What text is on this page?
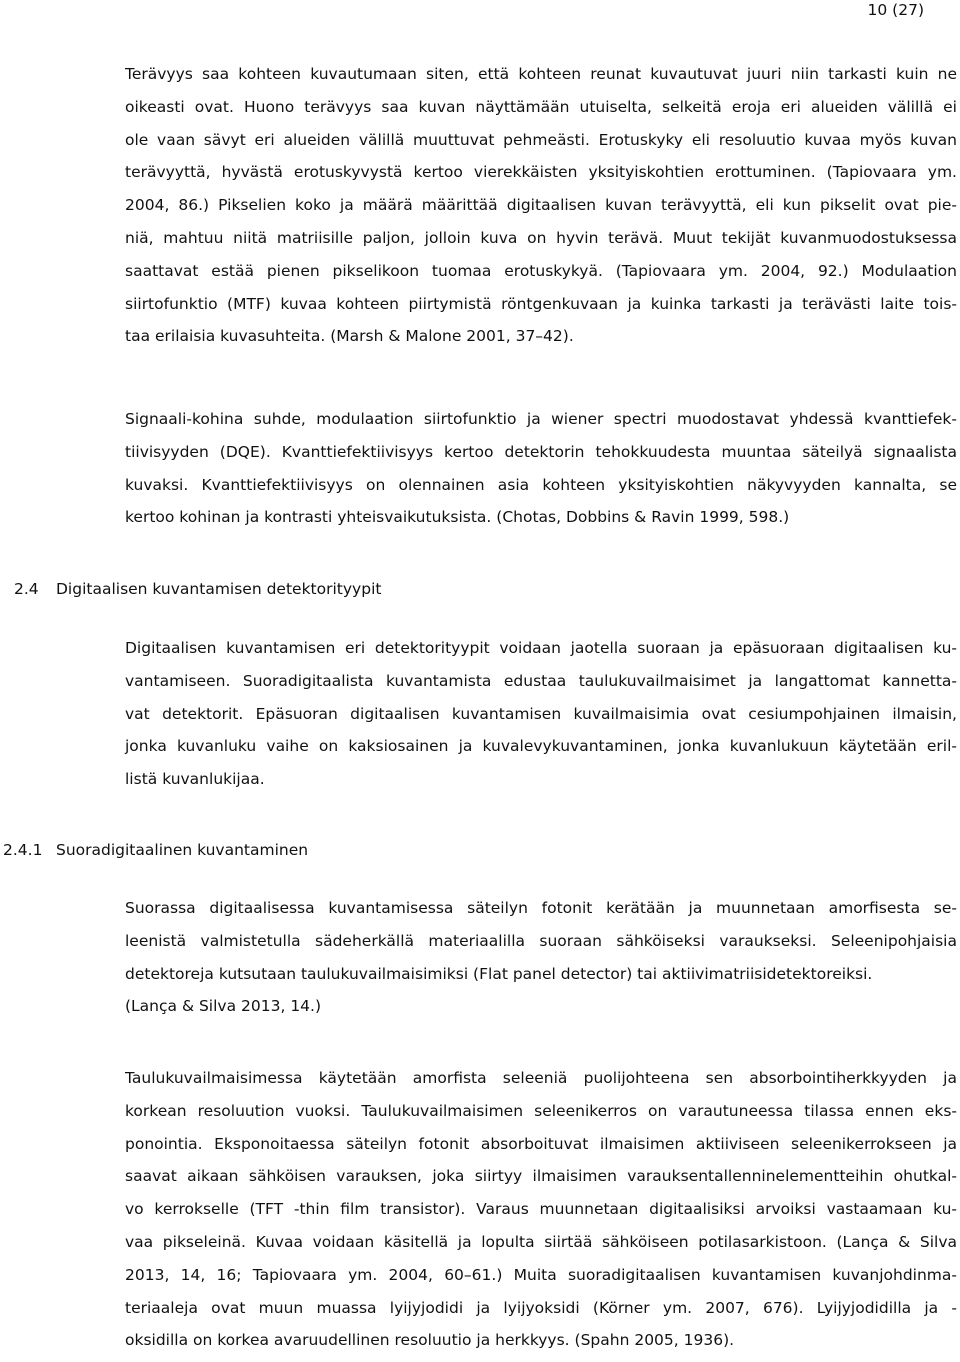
10 (27)
Terävyys saa kohteen kuvautumaan siten, että kohteen reunat kuvautuvat juuri niin tarkasti kuin ne
oikeasti ovat. Huono terävyys saa kuvan näyttämään utuiselta, selkeitä eroja eri alueiden välillä ei
ole vaan sävyt eri alueiden välillä muuttuvat pehmeästi. Erotuskyky eli resoluutio kuvaa myös kuvan
terävyyttä, hyvästä erotuskyvystä kertoo vierekkäisten yksityiskohtien erottuminen. (Tapiovaara ym.
2004, 86.) Pikselien koko ja määrä määrittää digitaalisen kuvan terävyyttä, eli kun pikselit ovat pie-
niä, mahtuu niitä matriisille paljon, jolloin kuva on hyvin terävä. Muut tekijät kuvanmuodostuksessa
saattavat estää pienen pikselikoon tuomaa erotuskykyä. (Tapiovaara ym. 2004, 92.) Modulaation
siirtofunktio (MTF) kuvaa kohteen piirtymistä röntgenkuvaan ja kuinka tarkasti ja terävästi laite tois-
taa erilaisia kuvasuhteita. (Marsh & Malone 2001, 37–42).
Signaali-kohina suhde, modulaation siirtofunktio ja wiener spectri muodostavat yhdessä kvanttiefek-
tiivisyyden (DQE). Kvanttiefektiivisyys kertoo detektorin tehokkuudesta muuntaa säteilyä signaalista
kuvaksi. Kvanttiefektiivisyys on olennainen asia kohteen yksityiskohtien näkyvyyden kannalta, se
kertoo kohinan ja kontrasti yhteisvaikutuksista. (Chotas, Dobbins & Ravin 1999, 598.)
2.4 Digitaalisen kuvantamisen detektorityypit
Digitaalisen kuvantamisen eri detektorityypit voidaan jaotella suoraan ja epäsuoraan digitaalisen ku-
vantamiseen. Suoradigitaalista kuvantamista edustaa taulukuvailmaisimet ja langattomat kannetta-
vat detektorit. Epäsuoran digitaalisen kuvantamisen kuvailmaisimia ovat cesiumpohjainen ilmaisin,
jonka kuvanluku vaihe on kaksiosainen ja kuvalevykuvantaminen, jonka kuvanlukuun käytetään eril-
listä kuvanlukijaa.
2.4.1 Suoradigitaalinen kuvantaminen
Suorassa digitaalisessa kuvantamisessa säteilyn fotonit kerätään ja muunnetaan amorfisesta se-
leenistä valmistetulla sädeherkällä materiaalilla suoraan sähköiseksi varaukseksi. Seleenipohjaisia
detektoreja kutsutaan taulukuvailmaisimiksi (Flat panel detector) tai aktiivimatriisidetektoreiksi.
(Lança & Silva 2013, 14.)
Taulukuvailmaisimessa käytetään amorfista seleeniä puolijohteena sen absorbointiherkkyyden ja
korkean resoluution vuoksi. Taulukuvailmaisimen seleenikerros on varautuneessa tilassa ennen eks-
ponointia. Eksponoitaessa säteilyn fotonit absorboituvat ilmaisimen aktiiviseen seleenikerrokseen ja
saavat aikaan sähköisen varauksen, joka siirtyy ilmaisimen varauksentallenninelementteihin ohutkal-
vo kerrokselle (TFT -thin film transistor). Varaus muunnetaan digitaalisiksi arvoiksi vastaamaan ku-
vaa pikseleinä. Kuvaa voidaan käsitellä ja lopulta siirtää sähköiseen potilasarkistoon. (Lança & Silva
2013, 14, 16; Tapiovaara ym. 2004, 60–61.) Muita suoradigitaalisen kuvantamisen kuvanjohdinma-
teriaaleja ovat muun muassa lyijyjodidi ja lyijyoksidi (Körner ym. 2007, 676). Lyijyjodidilla ja -
oksidilla on korkea avaruudellinen resoluutio ja herkkyys. (Spahn 2005, 1936).
